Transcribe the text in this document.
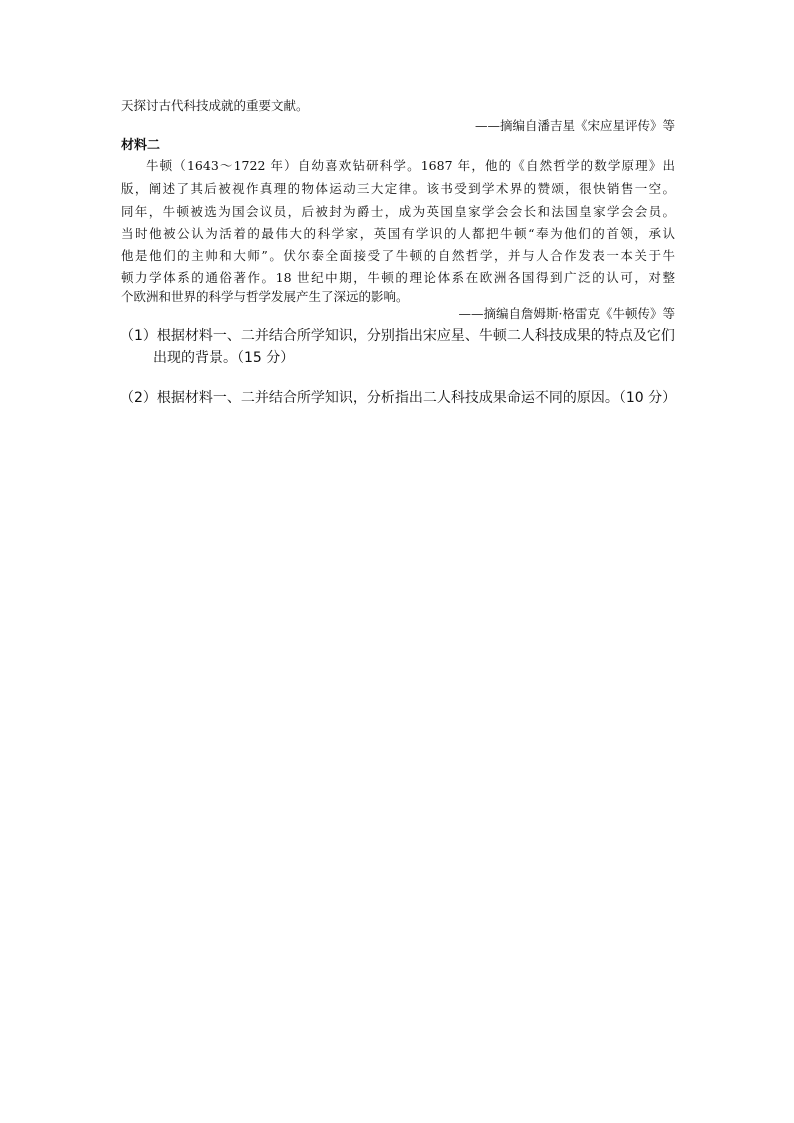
天探讨古代科技成就的重要文献。
——摘编自潘吉星《宋应星评传》等
材料二
牛顿（1643～1722 年）自幼喜欢钻研科学。1687 年，他的《自然哲学的数学原理》出
版，阐述了其后被视作真理的物体运动三大定律。该书受到学术界的赞颂，很快销售一空。
同年，牛顿被选为国会议员，后被封为爵士，成为英国皇家学会会长和法国皇家学会会员。
当时他被公认为活着的最伟大的科学家，英国有学识的人都把牛顿“奉为他们的首领，承认
他是他们的主帅和大师”。伏尔泰全面接受了牛顿的自然哲学，并与人合作发表一本关于牛
顿力学体系的通俗著作。18 世纪中期，牛顿的理论体系在欧洲各国得到广泛的认可，对整
个欧洲和世界的科学与哲学发展产生了深远的影响。
——摘编自詹姆斯·格雷克《牛顿传》等
（1）根据材料一、二并结合所学知识，分别指出宋应星、牛顿二人科技成果的特点及它们
出现的背景。（15 分）
（2）根据材料一、二并结合所学知识，分析指出二人科技成果命运不同的原因。（10 分）
